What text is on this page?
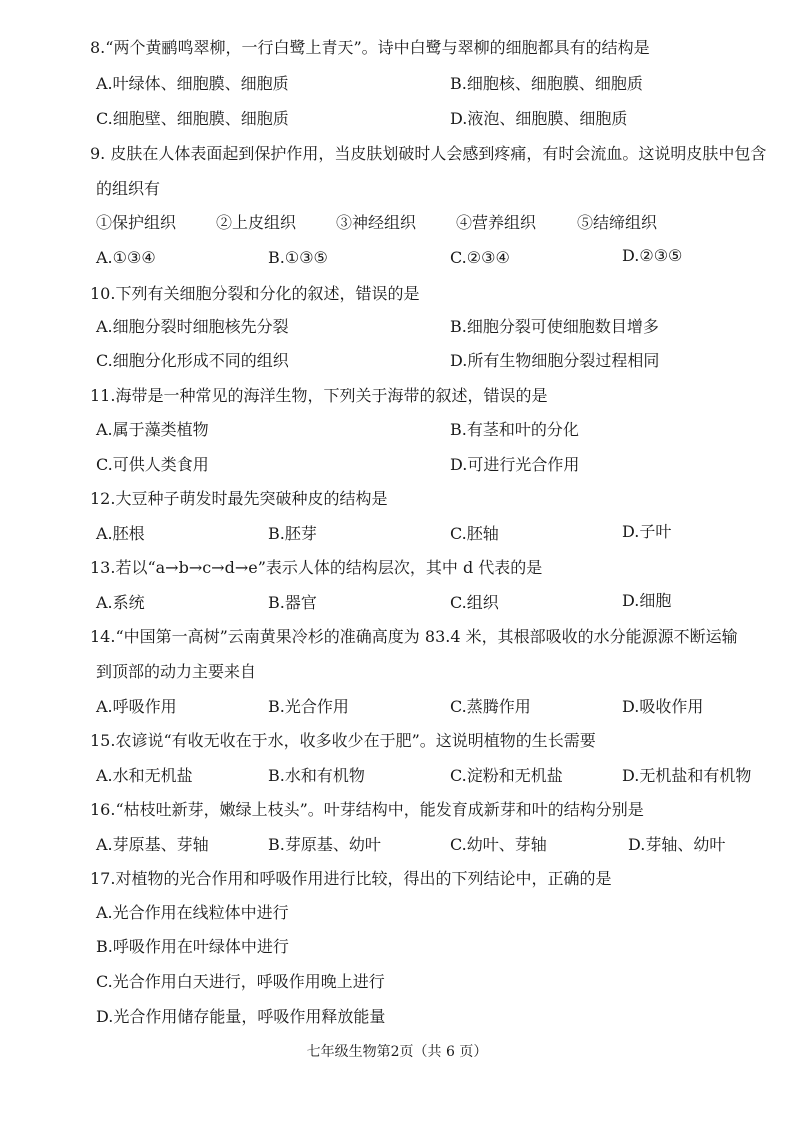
8.“两个黄鹂鸣翠柳，一行白鹭上青天”。诗中白鹭与翠柳的细胞都具有的结构是
A.叶绿体、细胞膜、细胞质	B.细胞核、细胞膜、细胞质
C.细胞壁、细胞膜、细胞质	D.液泡、细胞膜、细胞质
9. 皮肤在人体表面起到保护作用，当皮肤划破时人会感到疼痛，有时会流血。这说明皮肤中包含
的组织有
①保护组织 ②上皮组织 ③神经组织 ④营养组织	⑤结缔组织
A.①③④	B.①③⑤	C.②③④	D.②③⑤
10.下列有关细胞分裂和分化的叙述，错误的是
A.细胞分裂时细胞核先分裂	B.细胞分裂可使细胞数目增多
C.细胞分化形成不同的组织	D.所有生物细胞分裂过程相同
11.海带是一种常见的海洋生物，下列关于海带的叙述，错误的是
A.属于藻类植物	B.有茎和叶的分化
C.可供人类食用	D.可进行光合作用
12.大豆种子萌发时最先突破种皮的结构是
A.胚根	B.胚芽	C.胚轴	D.子叶
13.若以“a→b→c→d→e”表示人体的结构层次，其中 d 代表的是
A.系统	B.器官	C.组织	D.细胞
14.“中国第一高树”云南黄果冷杉的准确高度为 83.4 米，其根部吸收的水分能源源不断运输
到顶部的动力主要来自
A.呼吸作用	B.光合作用	C.蒸腾作用	D.吸收作用
15.农谚说“有收无收在于水，收多收少在于肥”。这说明植物的生长需要
A.水和无机盐	B.水和有机物	C.淀粉和无机盐	D.无机盐和有机物
16.“枯枝吐新芽，嫩绿上枝头”。叶芽结构中，能发育成新芽和叶的结构分别是
A.芽原基、芽轴	B.芽原基、幼叶	C.幼叶、芽轴	D.芽轴、幼叶
17.对植物的光合作用和呼吸作用进行比较，得出的下列结论中，正确的是
A.光合作用在线粒体中进行
B.呼吸作用在叶绿体中进行
C.光合作用白天进行，呼吸作用晚上进行
D.光合作用储存能量，呼吸作用释放能量
七年级生物第2页（共 6 页）
